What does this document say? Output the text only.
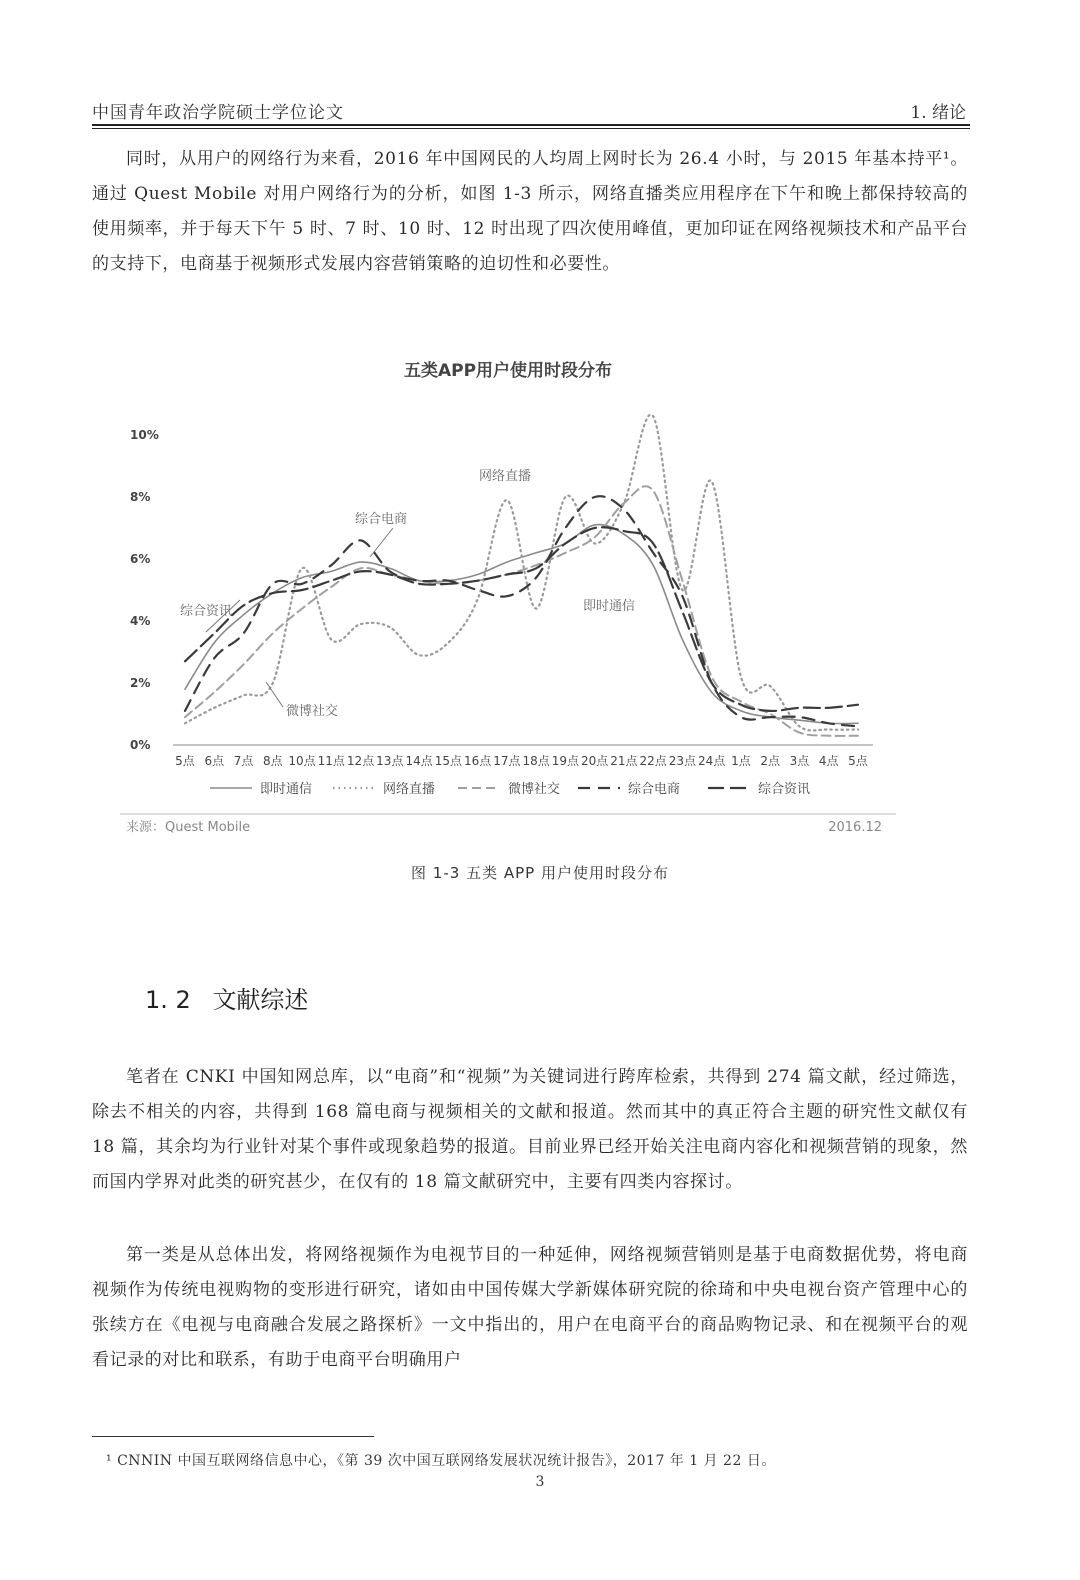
中国青年政治学院硕士学位论文	1. 绪论

同时，从用户的网络行为来看，2016 年中国网民的人均周上网时长为 26.4 小时，与 2015 年基本持平¹。通过 Quest Mobile 对用户网络行为的分析，如图 1-3 所示，网络直播类应用程序在下午和晚上都保持较高的使用频率，并于每天下午 5 时、7 时、10 时、12 时出现了四次使用峰值，更加印证在网络视频技术和产品平台的支持下，电商基于视频形式发展内容营销策略的迫切性和必要性。

五类APP用户使用时段分布
0%
2%
4%
6%
8%
10%
5点 6点 7点 8点 10点 11点 12点 13点 14点 15点 16点 17点 18点 19点 20点 21点 22点 23点 24点 1点 2点 3点 4点 5点
综合电商
网络直播
综合资讯	即时通信
微博社交
即时通信	网络直播	微博社交	综合电商	综合资讯
来源：Quest Mobile	2016.12
图 1-3 五类 APP 用户使用时段分布
1. 2 文献综述

笔者在 CNKI 中国知网总库，以“电商”和“视频”为关键词进行跨库检索，共得到 274 篇文献，经过筛选，除去不相关的内容，共得到 168 篇电商与视频相关的文献和报道。然而其中的真正符合主题的研究性文献仅有 18 篇，其余均为行业针对某个事件或现象趋势的报道。目前业界已经开始关注电商内容化和视频营销的现象，然而国内学界对此类的研究甚少，在仅有的 18 篇文献研究中，主要有四类内容探讨。

第一类是从总体出发，将网络视频作为电视节目的一种延伸，网络视频营销则是基于电商数据优势，将电商视频作为传统电视购物的变形进行研究，诸如由中国传媒大学新媒体研究院的徐琦和中央电视台资产管理中心的张续方在《电视与电商融合发展之路探析》一文中指出的，用户在电商平台的商品购物记录、和在视频平台的观看记录的对比和联系，有助于电商平台明确用户

¹ CNNIN 中国互联网络信息中心，《第 39 次中国互联网络发展状况统计报告》，2017 年 1 月 22 日。
3
